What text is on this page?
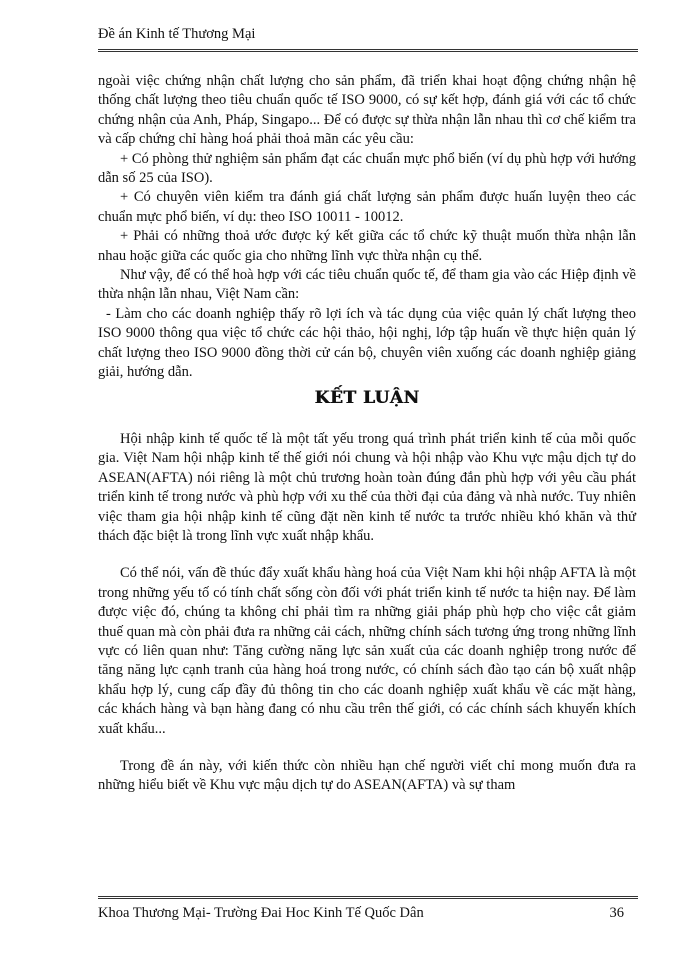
Đề án Kinh tế Thương Mại

ngoài việc chứng nhận chất lượng cho sản phẩm, đã triển khai hoạt động chứng nhận hệ thống chất lượng theo tiêu chuẩn quốc tế ISO 9000, có sự kết hợp, đánh giá với các tổ chức chứng nhận của Anh, Pháp, Singapo... Để có được sự thừa nhận lẫn nhau thì cơ chế kiểm tra và cấp chứng chỉ hàng hoá phải thoả mãn các yêu cầu:

+ Có phòng thử nghiệm sản phẩm đạt các chuẩn mực phổ biến (ví dụ phù hợp với hướng dẫn số 25 của ISO).

+ Có chuyên viên kiểm tra đánh giá chất lượng sản phẩm được huấn luyện theo các chuẩn mực phổ biến, ví dụ: theo ISO 10011 - 10012.

+ Phải có những thoả ước được ký kết giữa các tổ chức kỹ thuật muốn thừa nhận lẫn nhau hoặc giữa các quốc gia cho những lĩnh vực thừa nhận cụ thể.

Như vậy, để có thể hoà hợp với các tiêu chuẩn quốc tế, để tham gia vào các Hiệp định về thừa nhận lẫn nhau, Việt Nam cần:

- Làm cho các doanh nghiệp thấy rõ lợi ích và tác dụng của việc quản lý chất lượng theo ISO 9000 thông qua việc tổ chức các hội thảo, hội nghị, lớp tập huấn về thực hiện quản lý chất lượng theo ISO 9000 đồng thời cử cán bộ, chuyên viên xuống các doanh nghiệp giảng giải, hướng dẫn.

KẾT LUẬN

Hội nhập kinh tế quốc tế là một tất yếu trong quá trình phát triển kinh tế của mỗi quốc gia. Việt Nam hội nhập kinh tế thế giới nói chung và hội nhập vào Khu vực mậu dịch tự do ASEAN(AFTA) nói riêng là một chủ trương hoàn toàn đúng đắn phù hợp với yêu cầu phát triển kinh tế trong nước và phù hợp với xu thế của thời đại của đảng và nhà nước. Tuy nhiên việc tham gia hội nhập kinh tế cũng đặt nền kinh tế nước ta trước nhiều khó khăn và thử thách đặc biệt là trong lĩnh vực xuất nhập khẩu.

Có thể nói, vấn đề thúc đẩy xuất khẩu hàng hoá của Việt Nam khi hội nhập AFTA là một trong những yếu tố có tính chất sống còn đối với phát triển kinh tế nước ta hiện nay. Để làm được việc đó, chúng ta không chỉ phải tìm ra những giải pháp phù hợp cho việc cắt giảm thuế quan mà còn phải đưa ra những cải cách, những chính sách tương ứng trong những lĩnh vực có liên quan như: Tăng cường năng lực sản xuất của các doanh nghiệp trong nước để tăng năng lực cạnh tranh của hàng hoá trong nước, có chính sách đào tạo cán bộ xuất nhập khẩu hợp lý, cung cấp đầy đủ thông tin cho các doanh nghiệp xuất khẩu về các mặt hàng, các khách hàng và bạn hàng đang có nhu cầu trên thế giới, có các chính sách khuyến khích xuất khẩu...

Trong đề án này, với kiến thức còn nhiều hạn chế người viết chỉ mong muốn đưa ra những hiểu biết về Khu vực mậu dịch tự do ASEAN(AFTA) và sự tham

Khoa Thương Mại- Trường Đai Hoc Kinh Tế Quốc Dân	36
